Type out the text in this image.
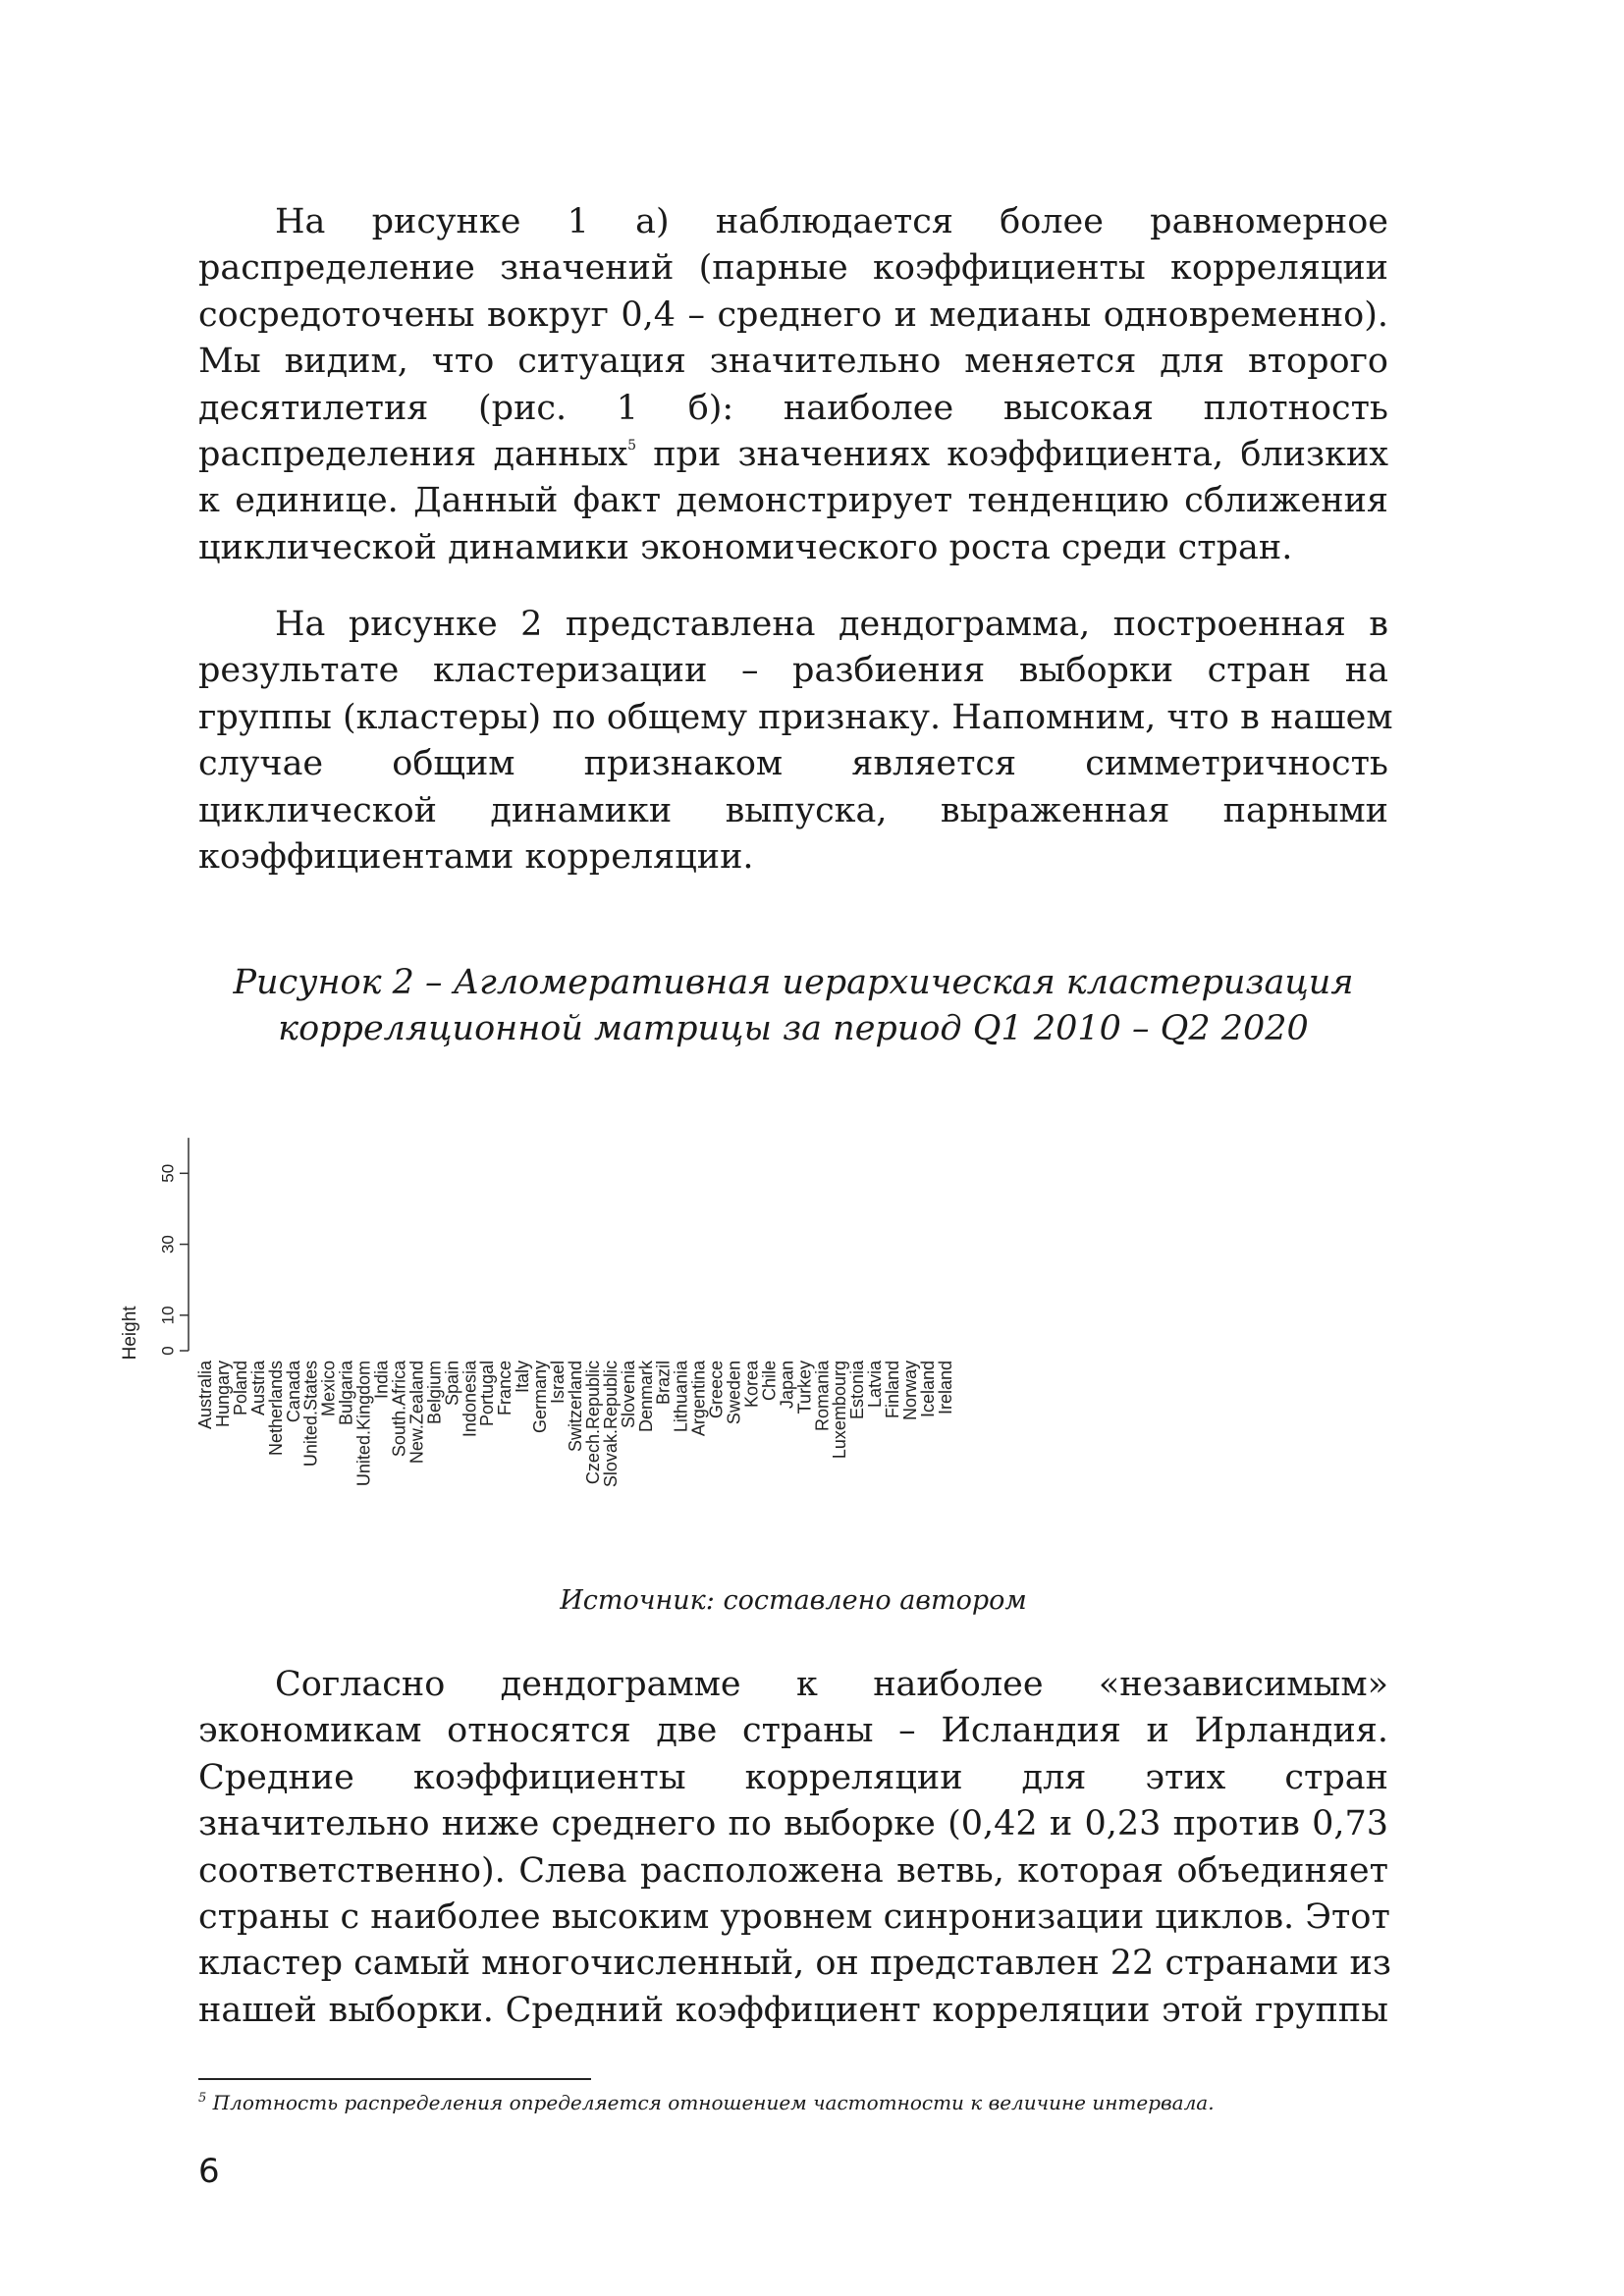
На рисунке 1 а) наблюдается более равномерное
распределение значений (парные коэффициенты корреляции
сосредоточены вокруг 0,4 – среднего и медианы одновременно).
Мы видим, что ситуация значительно меняется для второго
десятилетия (рис. 1 б): наиболее высокая плотность
распределения данных$^5$ при значениях коэффициента, близких
к единице. Данный факт демонстрирует тенденцию сближения
циклической динамики экономического роста среди стран.
На рисунке 2 представлена дендограмма, построенная в
результате кластеризации – разбиения выборки стран на
группы (кластеры) по общему признаку. Напомним, что в нашем
случае общим признаком является симметричность
циклической динамики выпуска, выраженная парными
коэффициентами корреляции.

Рисунок 2 – Агломеративная иерархическая кластеризация

корреляционной матрицы за период Q1 2010 – Q2 2020

0
10
30
50
Height
Australia
Hungary
Poland
Austria
Netherlands
Canada
United.States
Mexico
Bulgaria
United.Kingdom
India
South.Africa
New.Zealand
Belgium
Spain
Indonesia
Portugal
France
Italy
Germany
Israel
Switzerland
Czech.Republic
Slovak.Republic
Slovenia
Denmark
Brazil
Lithuania
Argentina
Greece
Sweden
Korea
Chile
Japan
Turkey
Romania
Luxembourg
Estonia
Latvia
Finland
Norway
Iceland
Ireland

Источник: составлено автором

Согласно дендограмме к наиболее «независимым»
экономикам относятся две страны – Исландия и Ирландия.
Средние коэффициенты корреляции для этих стран
значительно ниже среднего по выборке (0,42 и 0,23 против 0,73
соответственно). Слева расположена ветвь, которая объединяет
страны с наиболее высоким уровнем синронизации циклов. Этот
кластер самый многочисленный, он представлен 22 странами из
нашей выборки. Средний коэффициент корреляции этой группы

$^5$ Плотность распределения определяется отношением частотности к величине интервала.

6
